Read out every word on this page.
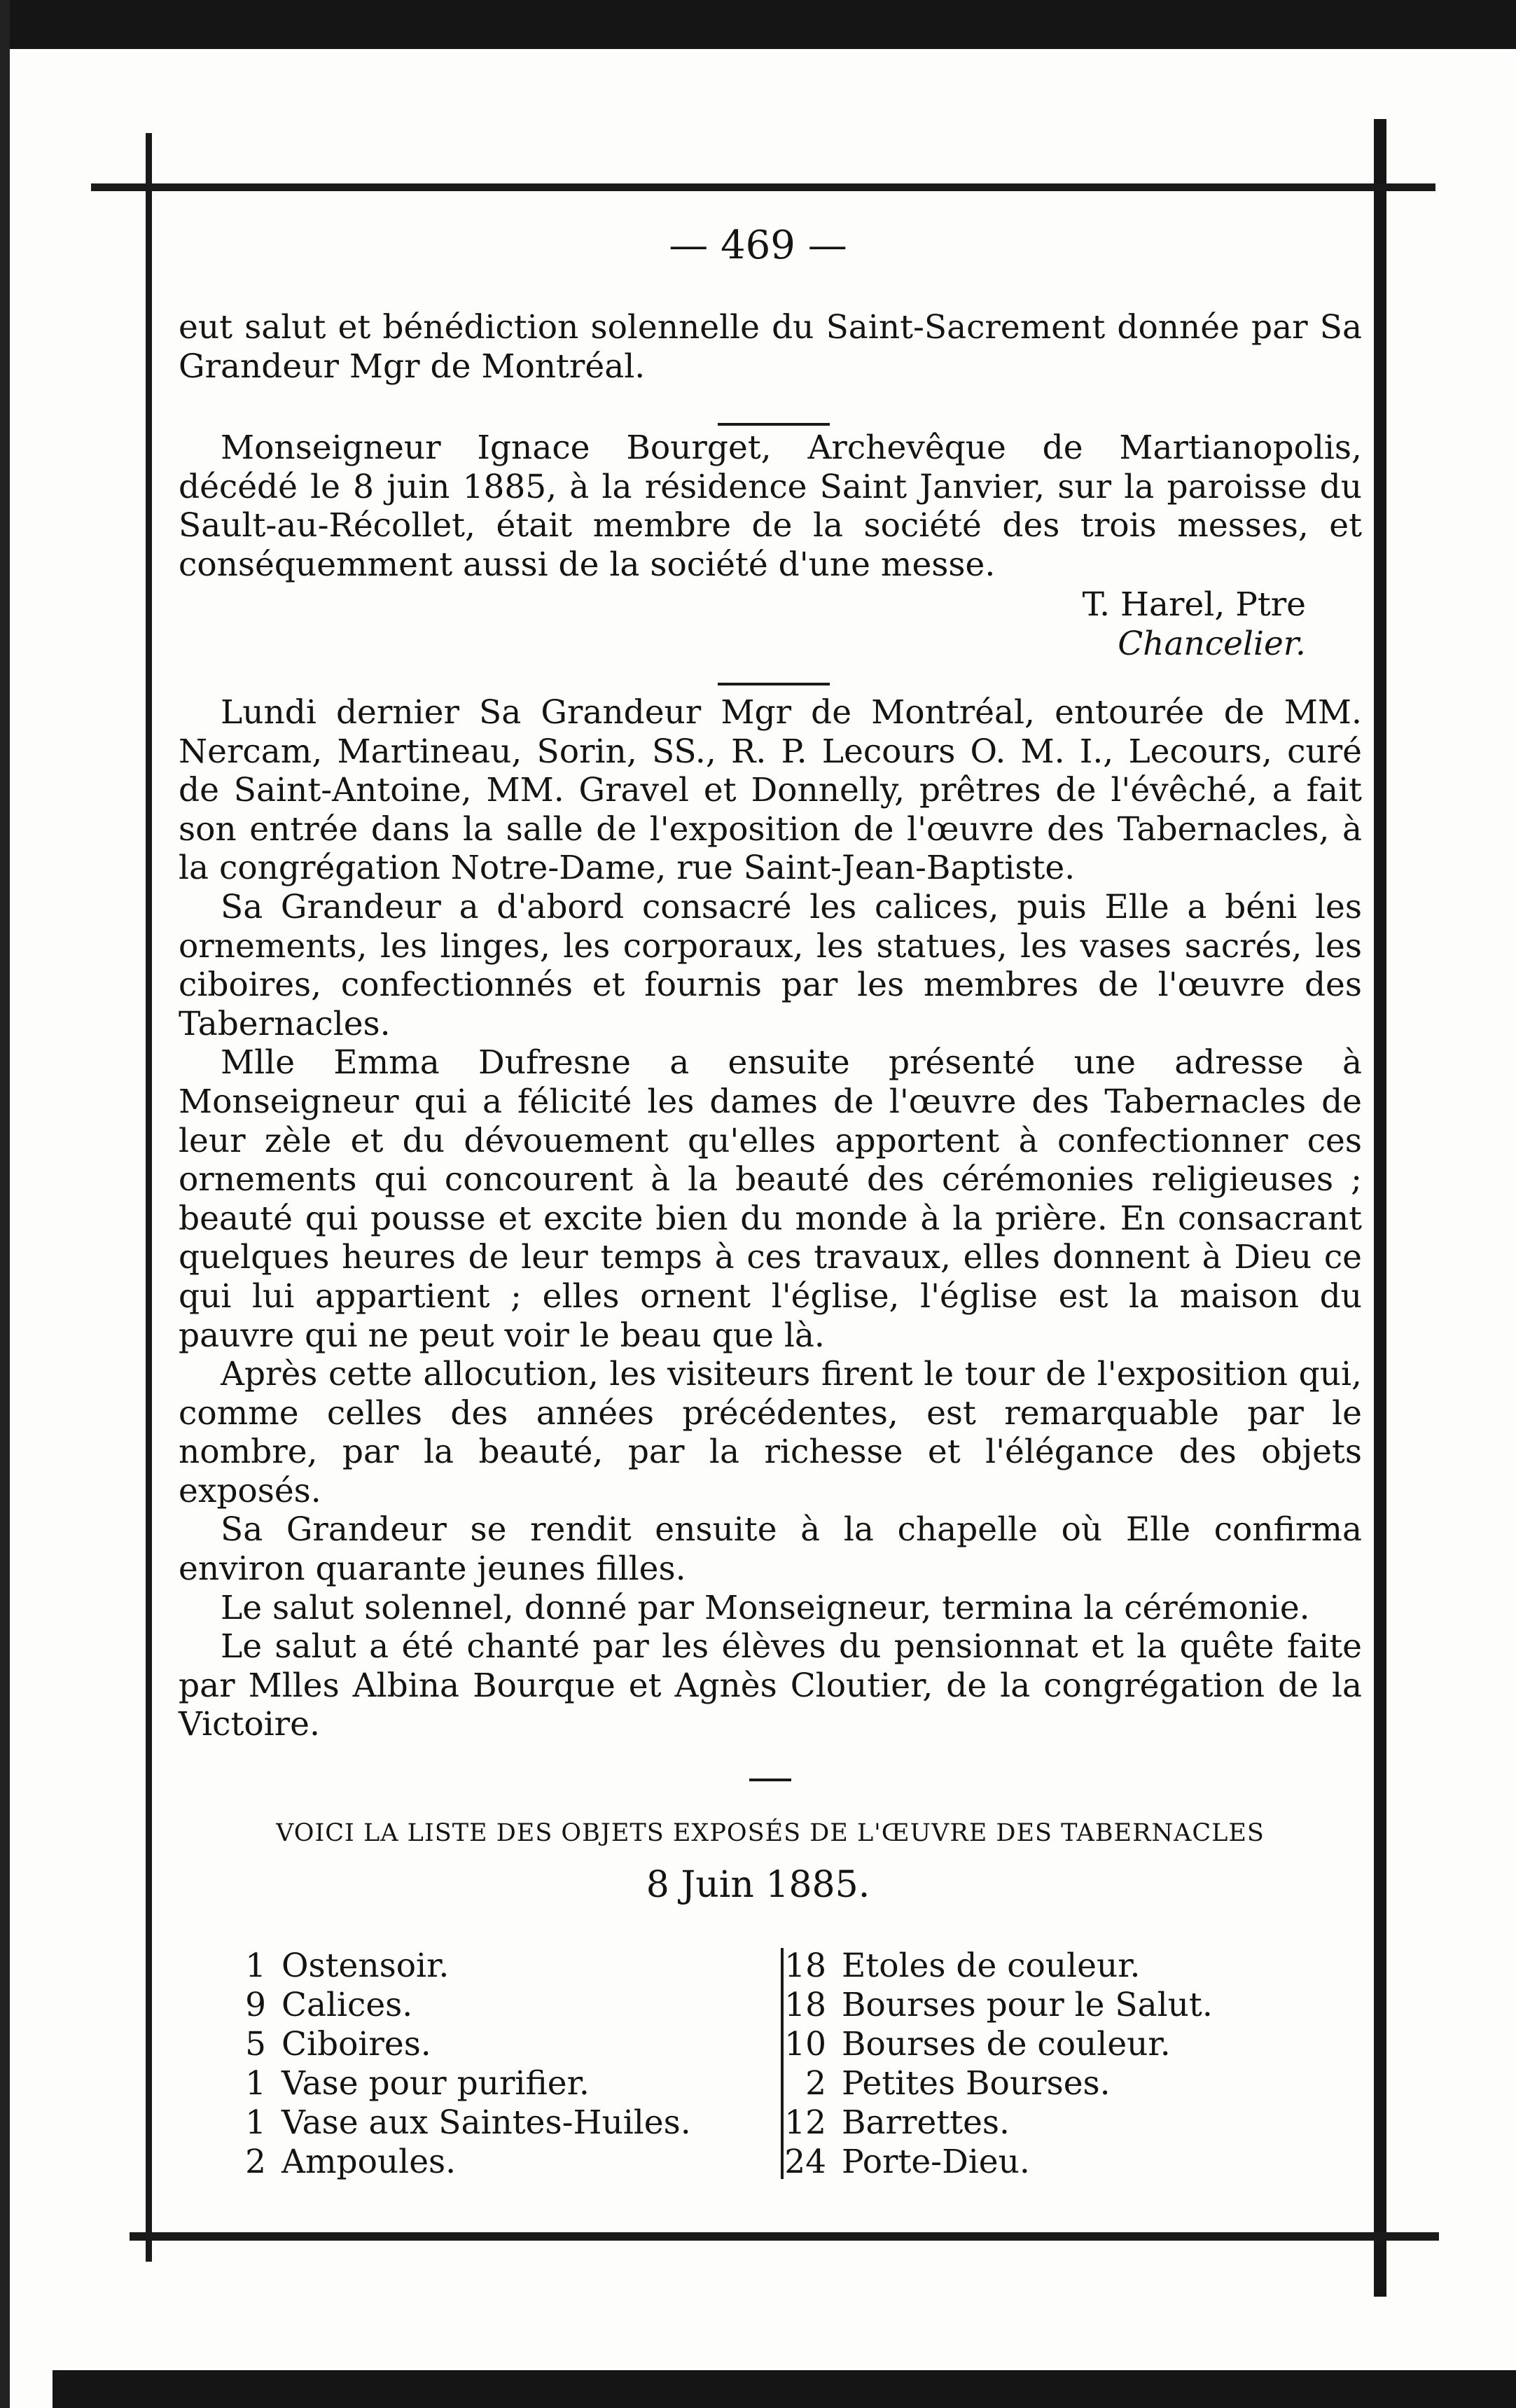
— 469 —

eut salut et bénédiction solennelle du Saint-Sacrement donnée par Sa Grandeur Mgr de Montréal.

Monseigneur Ignace Bourget, Archevêque de Martianopolis, décédé le 8 juin 1885, à la résidence Saint Janvier, sur la paroisse du Sault-au-Récollet, était membre de la société des trois messes, et conséquemment aussi de la société d'une messe.

T. Harel, Ptre
Chancelier.

Lundi dernier Sa Grandeur Mgr de Montréal, entourée de MM. Nercam, Martineau, Sorin, SS., R. P. Lecours O. M. I., Lecours, curé de Saint-Antoine, MM. Gravel et Donnelly, prêtres de l'évêché, a fait son entrée dans la salle de l'exposition de l'œuvre des Tabernacles, à la congrégation Notre-Dame, rue Saint-Jean-Baptiste.

Sa Grandeur a d'abord consacré les calices, puis Elle a béni les ornements, les linges, les corporaux, les statues, les vases sacrés, les ciboires, confectionnés et fournis par les membres de l'œuvre des Tabernacles.

Mlle Emma Dufresne a ensuite présenté une adresse à Monseigneur qui a félicité les dames de l'œuvre des Tabernacles de leur zèle et du dévouement qu'elles apportent à confectionner ces ornements qui concourent à la beauté des cérémonies religieuses ; beauté qui pousse et excite bien du monde à la prière. En consacrant quelques heures de leur temps à ces travaux, elles donnent à Dieu ce qui lui appartient ; elles ornent l'église, l'église est la maison du pauvre qui ne peut voir le beau que là.

Après cette allocution, les visiteurs firent le tour de l'exposition qui, comme celles des années précédentes, est remarquable par le nombre, par la beauté, par la richesse et l'élégance des objets exposés.

Sa Grandeur se rendit ensuite à la chapelle où Elle confirma environ quarante jeunes filles.

Le salut solennel, donné par Monseigneur, termina la cérémonie.

Le salut a été chanté par les élèves du pensionnat et la quête faite par Mlles Albina Bourque et Agnès Cloutier, de la congrégation de la Victoire.

VOICI LA LISTE DES OBJETS EXPOSÉS DE L'ŒUVRE DES TABERNACLES
8 Juin 1885.
1 Ostensoir.
9 Calices.
5 Ciboires.
1 Vase pour purifier.
1 Vase aux Saintes-Huiles.
2 Ampoules.
18 Etoles de couleur.
18 Bourses pour le Salut.
10 Bourses de couleur.
2 Petites Bourses.
12 Barrettes.
24 Porte-Dieu.
